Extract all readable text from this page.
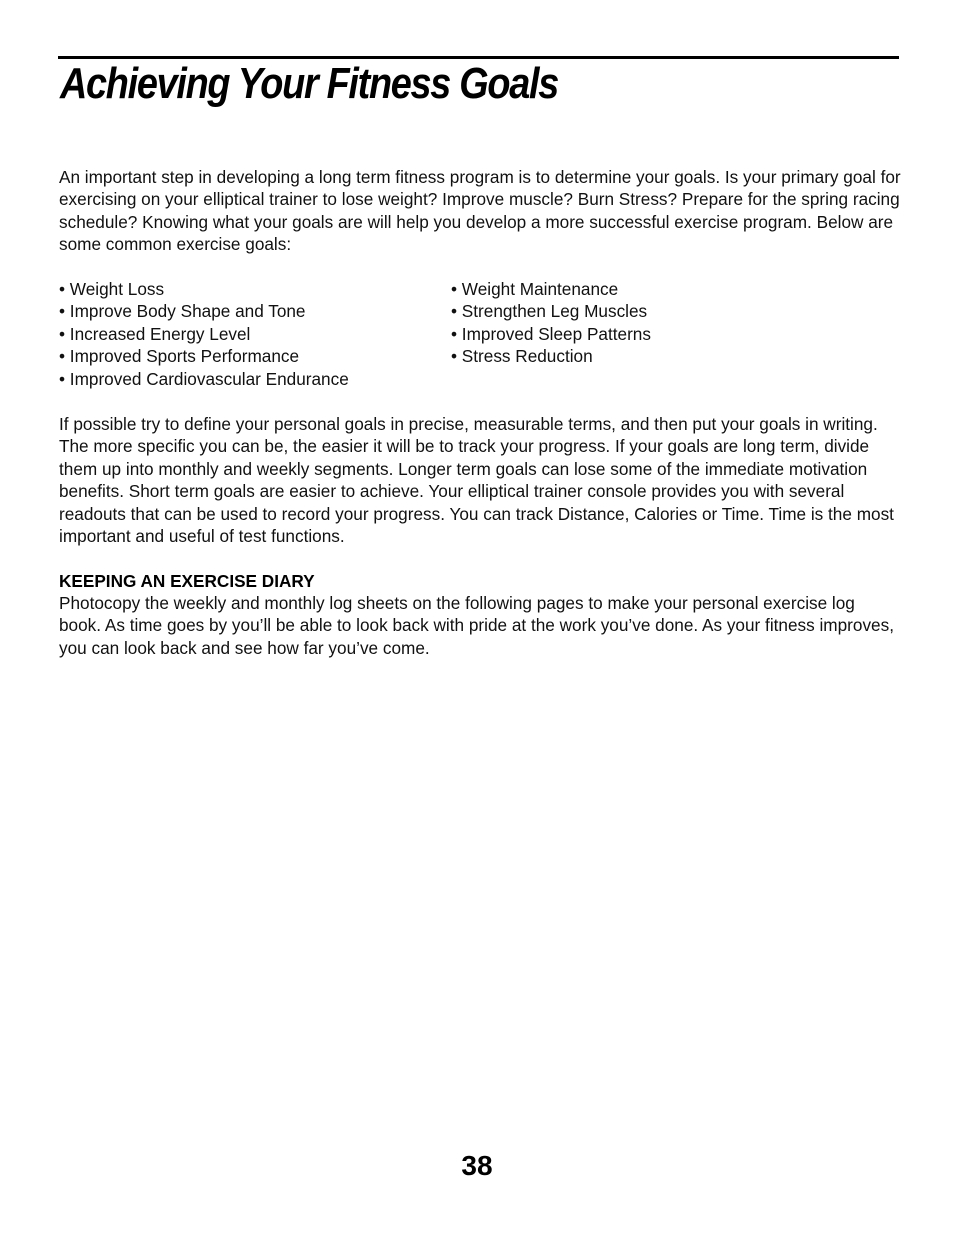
Achieving Your Fitness Goals

An important step in developing a long term fitness program is to determine your goals. Is your primary goal for exercising on your elliptical trainer to lose weight? Improve muscle? Burn Stress? Prepare for the spring racing schedule? Knowing what your goals are will help you develop a more successful exercise program. Below are some common exercise goals:

• Weight Loss
• Improve Body Shape and Tone
• Increased Energy Level
• Improved Sports Performance
• Improved Cardiovascular Endurance
• Weight Maintenance
• Strengthen Leg Muscles
• Improved Sleep Patterns
• Stress Reduction

If possible try to define your personal goals in precise, measurable terms, and then put your goals in writing. The more specific you can be, the easier it will be to track your progress. If your goals are long term, divide them up into monthly and weekly segments. Longer term goals can lose some of the immediate motivation benefits. Short term goals are easier to achieve. Your elliptical trainer console provides you with several readouts that can be used to record your progress. You can track Distance, Calories or Time. Time is the most important and useful of test functions.

KEEPING AN EXERCISE DIARY

Photocopy the weekly and monthly log sheets on the following pages to make your personal exercise log book. As time goes by you’ll be able to look back with pride at the work you’ve done. As your fitness improves, you can look back and see how far you’ve come.

38
